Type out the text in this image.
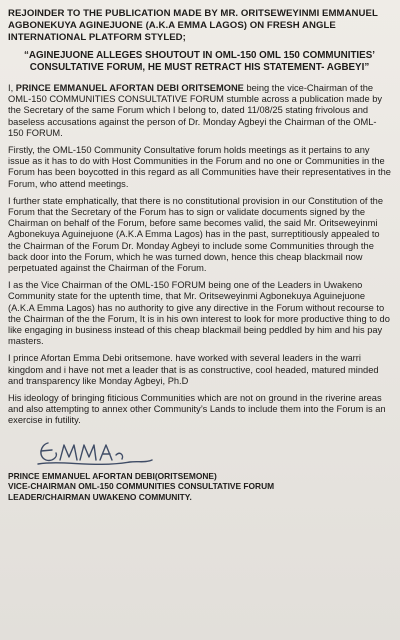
REJOINDER TO THE PUBLICATION MADE BY MR. ORITSEWEYINMI EMMANUEL AGBONEKUYA AGINEJUONE (A.K.A EMMA LAGOS) ON FRESH ANGLE INTERNATIONAL PLATFORM STYLED;

“AGINEJUONE ALLEGES SHOUTOUT IN OML-150 OML 150 COMMUNITIES’ CONSULTATIVE FORUM, HE MUST RETRACT HIS STATEMENT- AGBEYI”

I, PRINCE EMMANUEL AFORTAN DEBI ORITSEMONE being the vice-Chairman of the OML-150 COMMUNITIES CONSULTATIVE FORUM stumble across a publication made by the Secretary of the same Forum which I belong to, dated 11/08/25 stating frivolous and baseless accusations against the person of Dr. Monday Agbeyi the Chairman of the OML-150 FORUM.

Firstly, the OML-150 Community Consultative forum holds meetings as it pertains to any issue as it has to do with Host Communities in the Forum and no one or Communities in the Forum has been boycotted in this regard as all Communities have their representatives in the Forum, who attend meetings.

I further state emphatically, that there is no constitutional provision in our Constitution of the Forum that the Secretary of the Forum has to sign or validate documents signed by the Chairman on behalf of the Forum, before same becomes valid, the said Mr. Oritseweyinmi Agbonekuya Aguinejuone (A.K.A Emma Lagos) has in the past, surreptitiously appealed to the Chairman of the Forum Dr. Monday Agbeyi to include some Communities through the back door into the Forum, which he was turned down, hence this cheap blackmail now perpetuated against the Chairman of the Forum.

I as the Vice Chairman of the OML-150 FORUM being one of the Leaders in Uwakeno Community state for the uptenth time, that Mr. Oritseweyinmi Agbonekuya Aguinejuone (A.K.A Emma Lagos) has no authority to give any directive in the Forum without recourse to the Chairman of the the Forum, It is in his own interest to look for more productive thing to do like engaging in business instead of this cheap blackmail being peddled by him and his pay masters.

I prince Afortan Emma Debi oritsemone. have worked with several leaders in the warri kingdom and i have not met a leader that is as constructive, cool headed, matured minded and transparency like Monday Agbeyi, Ph.D

His ideology of bringing fiticious Communities which are not on ground in the riverine areas and also attempting to annex other Community’s Lands to include them into the Forum is an exercise in futility.

PRINCE EMMANUEL AFORTAN DEBI(ORITSEMONE)

VICE-CHAIRMAN OML-150 COMMUNITIES CONSULTATIVE FORUM

LEADER/CHAIRMAN UWAKENO COMMUNITY.
